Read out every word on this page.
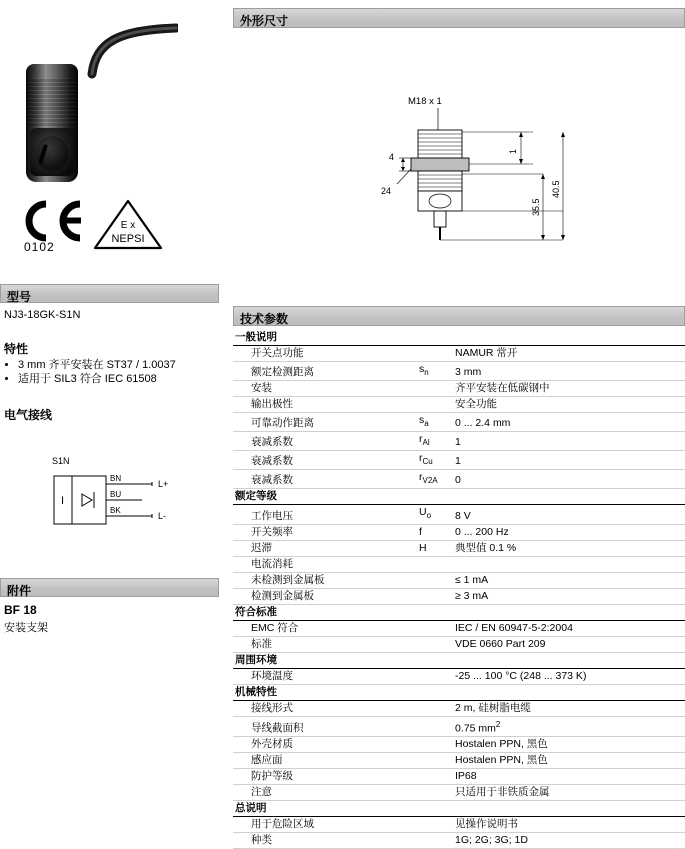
0102
E x
NEPSI
型号
NJ3-18GK-S1N
特性
• 3 mm 齐平安装在 ST37 / 1.0037
• 适用于 SIL3 符合 IEC 61508
电气接线
S1N
I
BN
BU
BK
L+
L-
附件
BF 18
安装支架
外形尺寸
M18 x 1
1
35.5
40.5
4
24
技术参数
一般说明		
开关点功能		NAMUR 常开
额定检测距离	$s_n$	3 mm
安装		齐平安装在低碳钢中
输出极性		安全功能
可靠动作距离	$s_a$	0 ... 2.4 mm
衰减系数	$r_{Al}$	1
衰减系数	$r_{Cu}$	1
衰减系数	$r_{V2A}$	0
额定等级		
工作电压	$U_o$	8 V
开关频率	f	0 ... 200 Hz
迟滞	H	典型值 0.1 %
电流消耗		
未检测到金属板		≤ 1 mA
检测到金属板		≥ 3 mA
符合标准		
EMC 符合		IEC / EN 60947-5-2:2004
标准		VDE 0660 Part 209
周围环境		
环境温度		-25 ... 100 °C (248 ... 373 K)
机械特性		
接线形式		2 m, 硅树脂电缆
导线截面积		0.75 $mm^2$
外壳材质		Hostalen PPN, 黑色
感应面		Hostalen PPN, 黑色
防护等级		IP68
注意		只适用于非铁质金属
总说明		
用于危险区域		见操作说明书
种类		1G; 2G; 3G; 1D
